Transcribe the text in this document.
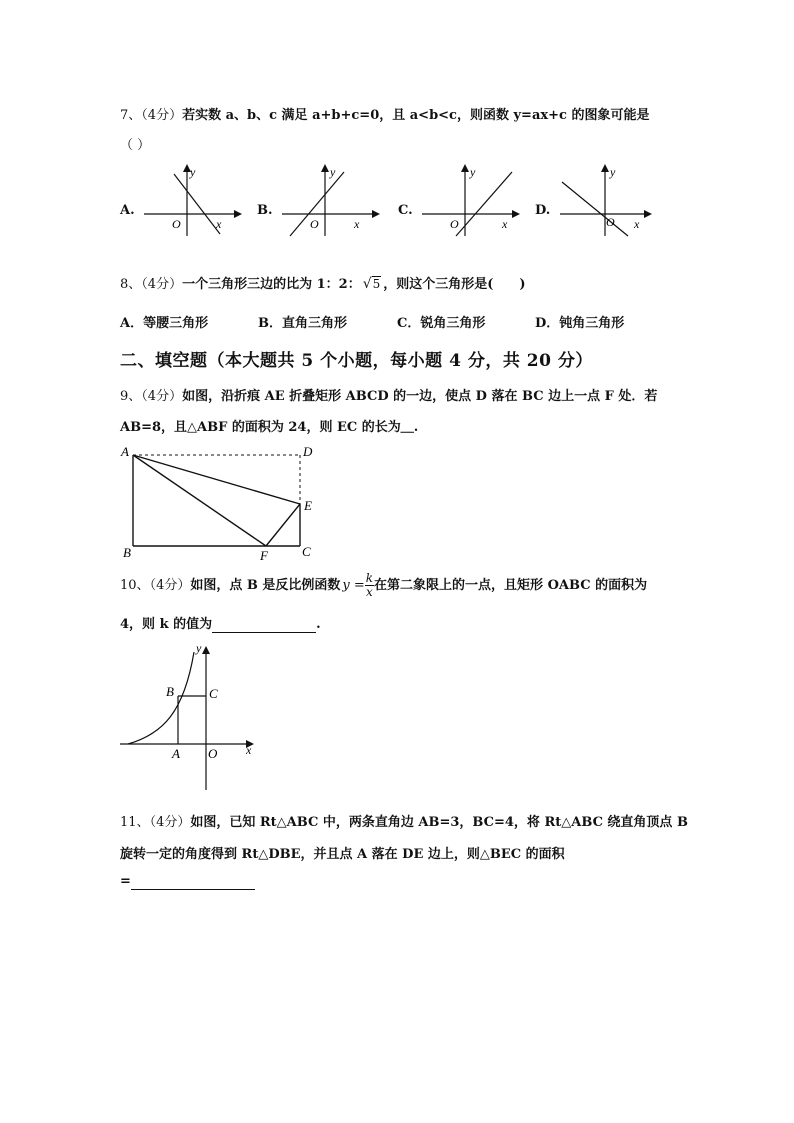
7、（4分）若实数 a、b、c 满足 a+b+c=0，且 a<b<c，则函数 y=ax+c 的图象可能是
（ ）
A.
y
x
O
B.
y
x
O
C.
y
x
O
D.
y
x
O
8、（4分）一个三角形三边的比为 1：2： √5 ，则这个三角形是(　　)
A．等腰三角形	B．直角三角形	C．锐角三角形	D．钝角三角形
二、填空题（本大题共 5 个小题，每小题 4 分，共 20 分）
9、（4分）如图，沿折痕 AE 折叠矩形 ABCD 的一边，使点 D 落在 BC 边上一点 F 处．若
AB=8，且△ABF 的面积为 24，则 EC 的长为＿.
A	D
E
B	F	C
10、（4分）如图，点 B 是反比例函数 $y = \frac{k}{x}$ 在第二象限上的一点，且矩形 OABC 的面积为
4，则 k 的值为	.
y
x
B	C
A O
11、（4分）如图，已知 Rt△ABC 中，两条直角边 AB=3，BC=4，将 Rt△ABC 绕直角顶点 B
旋转一定的角度得到 Rt△DBE，并且点 A 落在 DE 边上，则△BEC 的面积
=
